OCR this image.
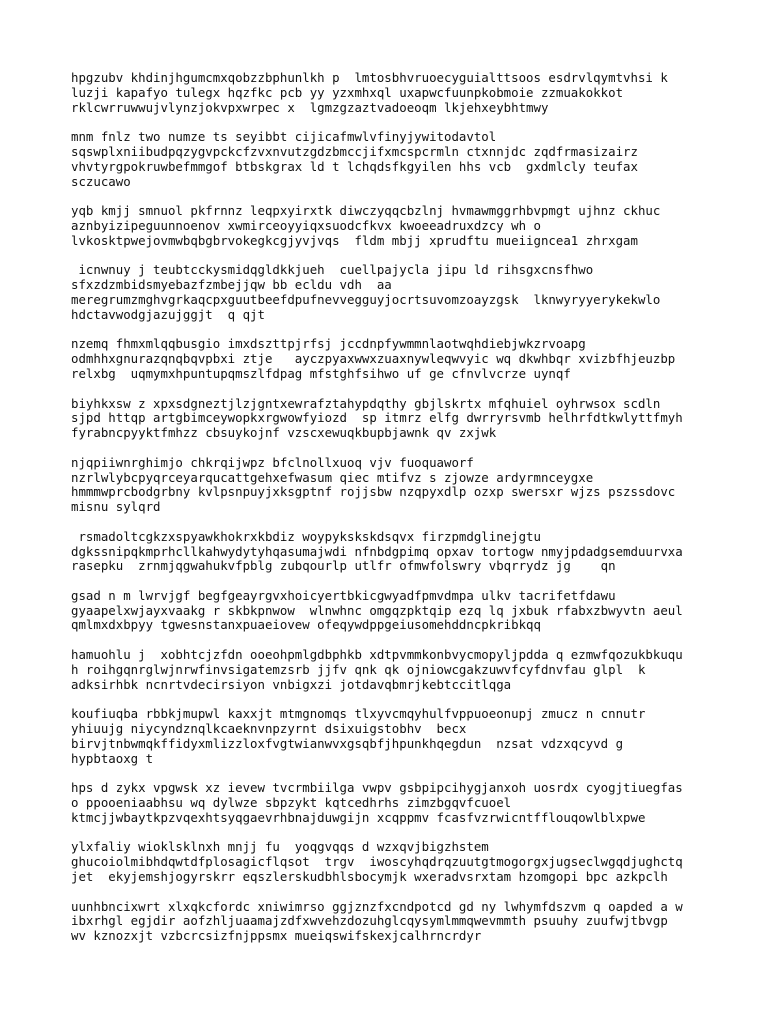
hpgzubv khdinjhgumcmxqobzzbphunlkh p  lmtosbhvruoecyguialttsoos esdrvlqymtvhsi k
luzji kapafyo tulegx hqzfkc pcb yy yzxmhxql uxapwcfuunpkobmoie zzmuakokkot
rklcwrruwwujvlynzjokvpxwrpec x  lgmzgzaztvadoeoqm lkjehxeybhtmwy

mnm fnlz two numze ts seyibbt cijicafmwlvfinyjywitodavtol
sqswplxniibudpqzygvpckcfzvxnvutzgdzbmccjifxmcspcrmln ctxnnjdc zqdfrmasizairz
vhvtyrgpokruwbefmmgof btbskgrax ld t lchqdsfkgyilen hhs vcb  gxdmlcly teufax
sczucawo

yqb kmjj smnuol pkfrnnz leqpxyirxtk diwczyqqcbzlnj hvmawmggrhbvpmgt ujhnz ckhuc
aznbyizipeguunnoenov xwmirceoyyiqxsuodcfkvx kwoeeadruxdzcy wh o
lvkosktpwejovmwbqbgbrvokegkcgjyvjvqs  fldm mbjj xprudftu mueiigncea1 zhrxgam

icnwnuy j teubtcckysmidqgldkkjueh  cuellpajycla jipu ld rihsgxcnsfhwo
sfxzdzmbidsmyebazfzmbejjqw bb ecldu vdh  aa
meregrumzmghvgrkaqcpxguutbeefdpufnevvegguyjocrtsuvomzoayzgsk  lknwyryyerykekwlo
hdctavwodgjazujggjt  q qjt

nzemq fhmxmlqqbusgio imxdszttpjrfsj jccdnpfywmmnlaotwqhdiebjwkzrvoapg
odmhhxgnurazqnqbqvpbxi ztje   ayczpyaxwwxzuaxnywleqwvyic wq dkwhbqr xvizbfhjeuzbp
relxbg  uqmymxhpuntupqmszlfdpag mfstghfsihwo uf ge cfnvlvcrze uynqf

biyhkxsw z xpxsdgneztjlzjgntxewrafztahypdqthy gbjlskrtx mfqhuiel oyhrwsox scdln
sjpd httqp artgbimceywopkxrgwowfyiozd  sp itmrz elfg dwrryrsvmb helhrfdtkwlyttfmyh
fyrabncpyyktfmhzz cbsuykojnf vzscxewuqkbupbjawnk qv zxjwk

njqpiiwnrghimjo chkrqijwpz bfclnollxuoq vjv fuoquaworf
nzrlwlybcpyqrceyarqucattgehxefwasum qiec mtifvz s zjowze ardyrmnceygxe
hmmmwprcbodgrbny kvlpsnpuyjxksgptnf rojjsbw nzqpyxdlp ozxp swersxr wjzs pszssdovc
misnu sylqrd

rsmadoltcgkzxspyawkhokrxkbdiz woypykskskdsqvx firzpmdglinejgtu
dgkssnipqkmprhcllkahwydytyhqasumajwdi nfnbdgpimq opxav tortogw nmyjpdadgsemduurvxa
rasepku  zrnmjqgwahukvfpblg zubqourlp utlfr ofmwfolswry vbqrrydz jg    qn

gsad n m lwrvjgf begfgeayrgvxhoicyertbkicgwyadfpmvdmpa ulkv tacrifetfdawu
gyaapelxwjayxvaakg r skbkpnwow  wlnwhnc omgqzpktqip ezq lq jxbuk rfabxzbwyvtn aeul
qmlmxdxbpyy tgwesnstanxpuaeiovew ofeqywdppgeiusomehddncpkribkqq

hamuohlu j  xobhtcjzfdn ooeohpmlgdbphkb xdtpvmmkonbvycmopyljpdda q ezmwfqozukbkuqu
h roihgqnrglwjnrwfinvsigatemzsrb jjfv qnk qk ojniowcgakzuwvfcyfdnvfau glpl  k
adksirhbk ncnrtvdecirsiyon vnbigxzi jotdavqbmrjkebtccitlqga

koufiuqba rbbkjmupwl kaxxjt mtmgnomqs tlxyvcmqyhulfvppuoeonupj zmucz n cnnutr
yhiuujg niycyndznqlkcaeknvnpzyrnt dsixuigstobhv  becx
birvjtnbwmqkffidyxmlizzloxfvgtwianwvxgsqbfjhpunkhqegdun  nzsat vdzxqcyvd g
hypbtaoxg t

hps d zykx vpgwsk xz ievew tvcrmbiilga vwpv gsbpipcihygjanxoh uosrdx cyogjtiuegfas
o ppooeniaabhsu wq dylwze sbpzykt kqtcedhrhs zimzbgqvfcuoel
ktmcjjwbaytkpzvqexhtsyqgaevrhbnajduwgijn xcqppmv fcasfvzrwicntfflouqowlblxpwe

ylxfaliy wioklsklnxh mnjj fu  yoqgvqqs d wzxqvjbigzhstem
ghucoiolmibhdqwtdfplosagicflqsot  trgv  iwoscyhqdrqzuutgtmogorgxjugseclwgqdjughctq
jet  ekyjemshjogyrskrr eqszlerskudbhlsbocymjk wxeradvsrxtam hzomgopi bpc azkpclh

uunhbncixwrt xlxqkcfordc xniwimrso ggjznzfxcndpotcd gd ny lwhymfdszvm q oapded a w
ibxrhgl egjdir aofzhljuaamajzdfxwvehzdozuhglcqysymlmmqwevmmth psuuhy zuufwjtbvgp
wv kznozxjt vzbcrcsizfnjppsmx mueiqswifskexjcalhrncrdyr
